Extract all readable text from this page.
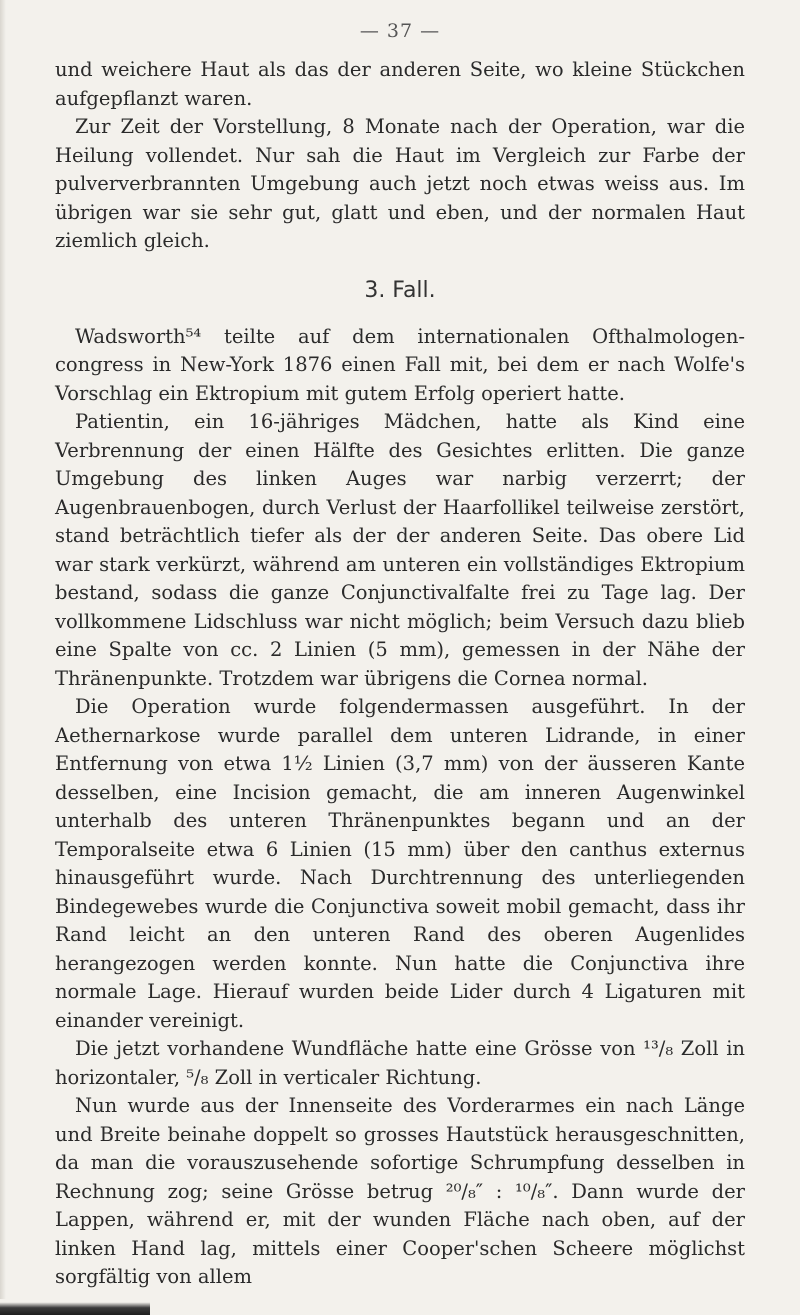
— 37 —

und weichere Haut als das der anderen Seite, wo kleine Stückchen aufgepflanzt waren.

Zur Zeit der Vorstellung, 8 Monate nach der Operation, war die Heilung vollendet. Nur sah die Haut im Vergleich zur Farbe der pulververbrannten Umgebung auch jetzt noch etwas weiss aus. Im übrigen war sie sehr gut, glatt und eben, und der normalen Haut ziemlich gleich.

3. Fall.

Wadsworth⁵⁴ teilte auf dem internationalen Ofthalmologen-congress in New-York 1876 einen Fall mit, bei dem er nach Wolfe's Vorschlag ein Ektropium mit gutem Erfolg operiert hatte.

Patientin, ein 16-jähriges Mädchen, hatte als Kind eine Verbrennung der einen Hälfte des Gesichtes erlitten. Die ganze Umgebung des linken Auges war narbig verzerrt; der Augenbrauenbogen, durch Verlust der Haarfollikel teilweise zerstört, stand beträchtlich tiefer als der der anderen Seite. Das obere Lid war stark verkürzt, während am unteren ein vollständiges Ektropium bestand, sodass die ganze Conjunctivalfalte frei zu Tage lag. Der vollkommene Lidschluss war nicht möglich; beim Versuch dazu blieb eine Spalte von cc. 2 Linien (5 mm), gemessen in der Nähe der Thränenpunkte. Trotzdem war übrigens die Cornea normal.

Die Operation wurde folgendermassen ausgeführt. In der Aethernarkose wurde parallel dem unteren Lidrande, in einer Entfernung von etwa 1½ Linien (3,7 mm) von der äusseren Kante desselben, eine Incision gemacht, die am inneren Augenwinkel unterhalb des unteren Thränenpunktes begann und an der Temporalseite etwa 6 Linien (15 mm) über den canthus externus hinausgeführt wurde. Nach Durchtrennung des unterliegenden Bindegewebes wurde die Conjunctiva soweit mobil gemacht, dass ihr Rand leicht an den unteren Rand des oberen Augenlides herangezogen werden konnte. Nun hatte die Conjunctiva ihre normale Lage. Hierauf wurden beide Lider durch 4 Ligaturen mit einander vereinigt.

Die jetzt vorhandene Wundfläche hatte eine Grösse von ¹³/₈ Zoll in horizontaler, ⁵/₈ Zoll in verticaler Richtung.

Nun wurde aus der Innenseite des Vorderarmes ein nach Länge und Breite beinahe doppelt so grosses Hautstück herausgeschnitten, da man die vorauszusehende sofortige Schrumpfung desselben in Rechnung zog; seine Grösse betrug ²⁰/₈″ : ¹⁰/₈″. Dann wurde der Lappen, während er, mit der wunden Fläche nach oben, auf der linken Hand lag, mittels einer Cooper'schen Scheere möglichst sorgfältig von allem
